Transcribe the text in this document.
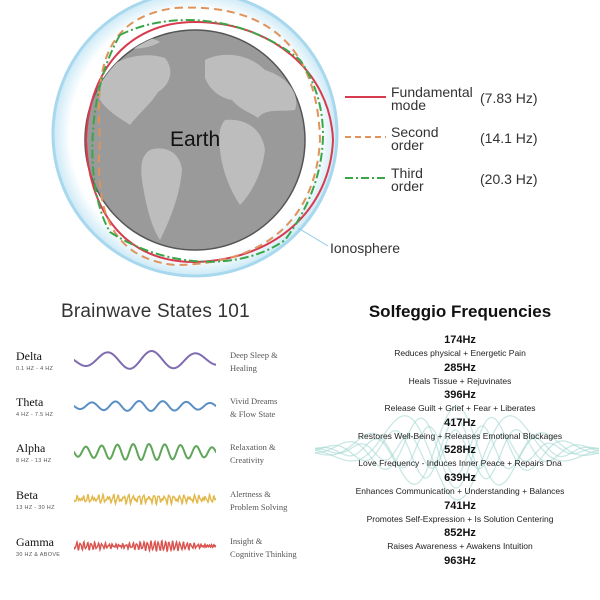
Earth
Fundamental
mode	(7.83 Hz)
Second
order	(14.1 Hz)
Third
order	(20.3 Hz)
Ionosphere
Brainwave States 101
Delta
0.1 HZ - 4 HZ
Deep Sleep &
Healing
Theta
4 HZ - 7.5 HZ
Vivid Dreams
& Flow State
Alpha
8 HZ - 13 HZ
Relaxation &
Creativity
Beta
13 HZ - 30 HZ
Alertness &
Problem Solving
Gamma
30 HZ & ABOVE
Insight &
Cognitive Thinking
Solfeggio Frequencies
174Hz
Reduces physical + Energetic Pain
285Hz
Heals Tissue + Rejuvinates
396Hz
Release Guilt + Grief + Fear + Liberates
417Hz
Restores Well-Being + Releases Emotional Blockages
528Hz
Love Frequency - Induces Inner Peace + Repairs Dna
639Hz
Enhances Communication + Understanding + Balances
741Hz
Promotes Self-Expression + Is Solution Centering
852Hz
Raises Awareness + Awakens Intuition
963Hz
